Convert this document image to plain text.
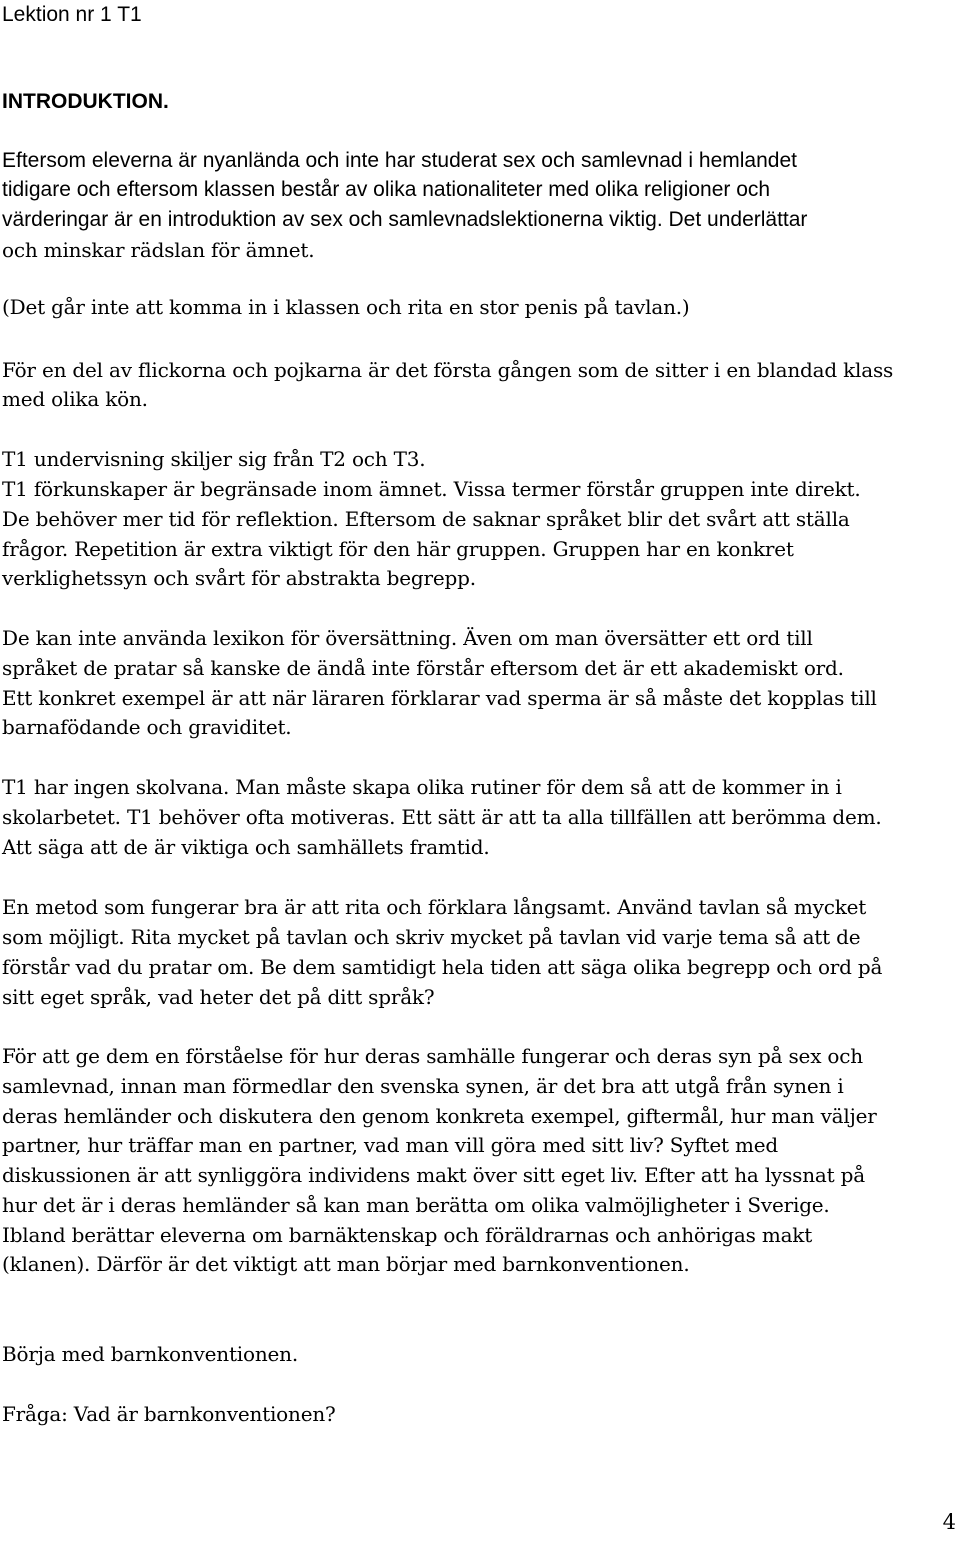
Lektion nr 1 T1
INTRODUKTION.
Eftersom eleverna är nyanlända och inte har studerat sex och samlevnad i hemlandet
tidigare och eftersom klassen består av olika nationaliteter med olika religioner och
värderingar är en introduktion av sex och samlevnadslektionerna viktig. Det underlättar
och minskar rädslan för ämnet.
(Det går inte att komma in i klassen och rita en stor penis på tavlan.)
För en del av flickorna och pojkarna är det första gången som de sitter i en blandad klass
med olika kön.
T1 undervisning skiljer sig från T2 och T3.
T1 förkunskaper är begränsade inom ämnet. Vissa termer förstår gruppen inte direkt.
De behöver mer tid för reflektion. Eftersom de saknar språket blir det svårt att ställa
frågor. Repetition är extra viktigt för den här gruppen. Gruppen har en konkret
verklighetssyn och svårt för abstrakta begrepp.
De kan inte använda lexikon för översättning. Även om man översätter ett ord till
språket de pratar så kanske de ändå inte förstår eftersom det är ett akademiskt ord.
Ett konkret exempel är att när läraren förklarar vad sperma är så måste det kopplas till
barnafödande och graviditet.
T1 har ingen skolvana. Man måste skapa olika rutiner för dem så att de kommer in i
skolarbetet. T1 behöver ofta motiveras. Ett sätt är att ta alla tillfällen att berömma dem.
Att säga att de är viktiga och samhällets framtid.
En metod som fungerar bra är att rita och förklara långsamt. Använd tavlan så mycket
som möjligt. Rita mycket på tavlan och skriv mycket på tavlan vid varje tema så att de
förstår vad du pratar om. Be dem samtidigt hela tiden att säga olika begrepp och ord på
sitt eget språk, vad heter det på ditt språk?
För att ge dem en förståelse för hur deras samhälle fungerar och deras syn på sex och
samlevnad, innan man förmedlar den svenska synen, är det bra att utgå från synen i
deras hemländer och diskutera den genom konkreta exempel, giftermål, hur man väljer
partner, hur träffar man en partner, vad man vill göra med sitt liv? Syftet med
diskussionen är att synliggöra individens makt över sitt eget liv. Efter att ha lyssnat på
hur det är i deras hemländer så kan man berätta om olika valmöjligheter i Sverige.
Ibland berättar eleverna om barnäktenskap och föräldrarnas och anhörigas makt
(klanen). Därför är det viktigt att man börjar med barnkonventionen.
Börja med barnkonventionen.
Fråga: Vad är barnkonventionen?
4
